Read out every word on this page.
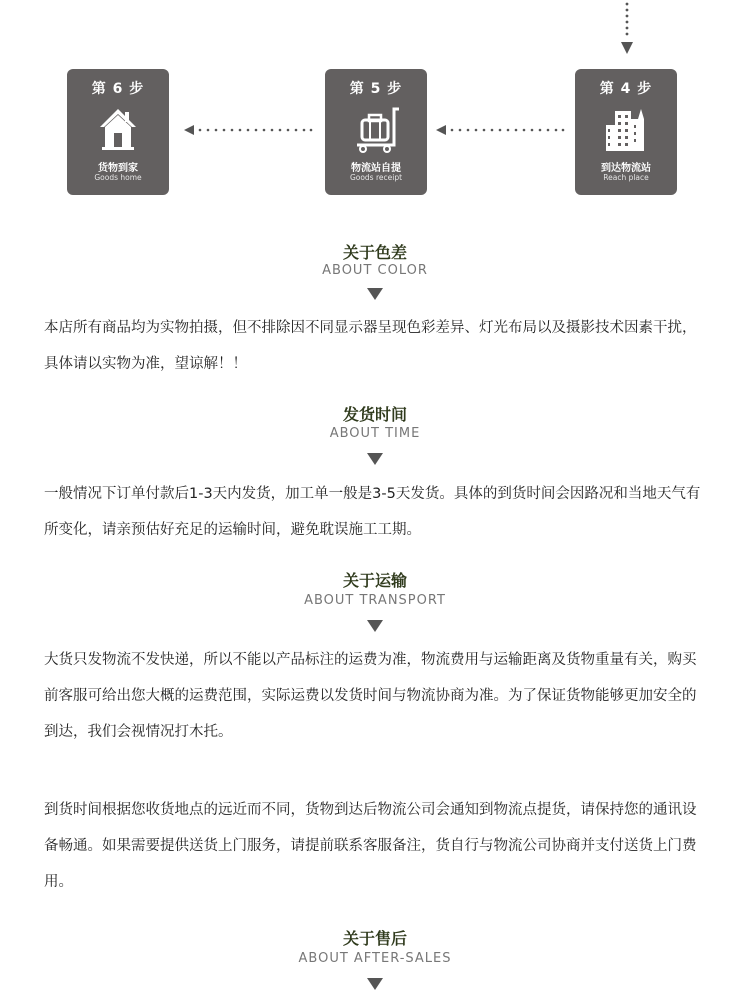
第 6 步
货物到家
Goods home
第 5 步
物流站自提
Goods receipt
第 4 步
到达物流站
Reach place
关于色差
ABOUT COLOR
本店所有商品均为实物拍摄，但不排除因不同显示器呈现色彩差异、灯光布局以及摄影技术因素干扰，具体请以实物为准，望谅解！！
发货时间
ABOUT TIME
一般情况下订单付款后1-3天内发货，加工单一般是3-5天发货。具体的到货时间会因路况和当地天气有所变化，请亲预估好充足的运输时间，避免耽误施工工期。
关于运输
ABOUT TRANSPORT
大货只发物流不发快递，所以不能以产品标注的运费为准，物流费用与运输距离及货物重量有关，购买前客服可给出您大概的运费范围，实际运费以发货时间与物流协商为准。为了保证货物能够更加安全的到达，我们会视情况打木托。
到货时间根据您收货地点的远近而不同，货物到达后物流公司会通知到物流点提货，请保持您的通讯设备畅通。如果需要提供送货上门服务，请提前联系客服备注，货自行与物流公司协商并支付送货上门费用。
关于售后
ABOUT AFTER-SALES
